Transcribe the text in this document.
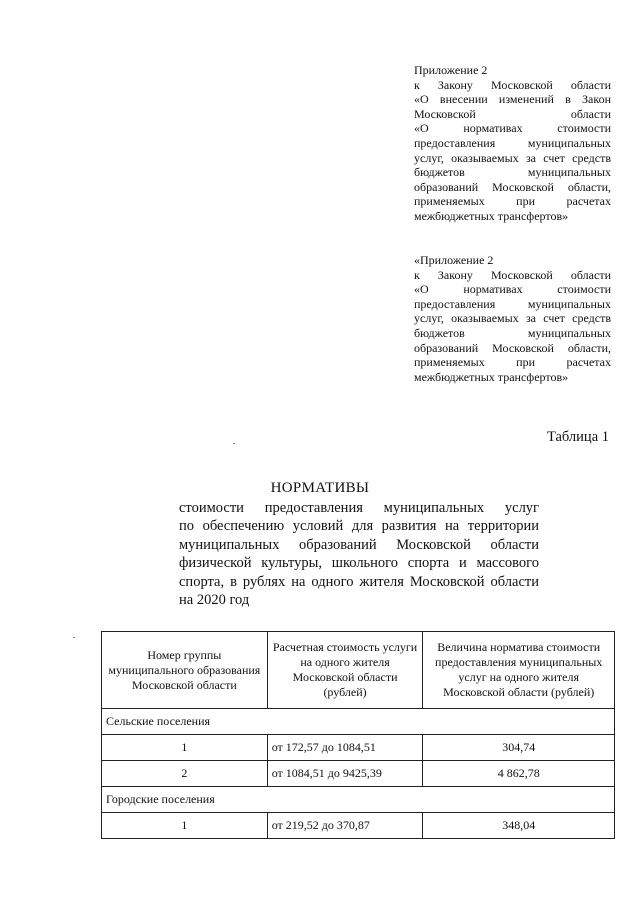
Приложение 2
к Закону Московской области
«О внесении изменений в Закон
Московской области
«О нормативах стоимости
предоставления муниципальных
услуг, оказываемых за счет средств
бюджетов муниципальных
образований Московской области,
применяемых при расчетах
межбюджетных трансфертов»
«Приложение 2
к Закону Московской области
«О нормативах стоимости
предоставления муниципальных
услуг, оказываемых за счет средств
бюджетов муниципальных
образований Московской области,
применяемых при расчетах
межбюджетных трансфертов»
Таблица 1
НОРМАТИВЫ
стоимости предоставления муниципальных услуг
по обеспечению условий для развития на территории
муниципальных образований Московской области
физической культуры, школьного спорта и массового
спорта, в рублях на одного жителя Московской области
на 2020 год
Номер группы муниципального образования Московской области	Расчетная стоимость услуги на одного жителя Московской области (рублей)	Величина норматива стоимости предоставления муниципальных услуг на одного жителя Московской области (рублей)
Сельские поселения		
1	от 172,57 до 1084,51	304,74
2	от 1084,51 до 9425,39	4 862,78
Городские поселения		
1	от 219,52 до 370,87	348,04
